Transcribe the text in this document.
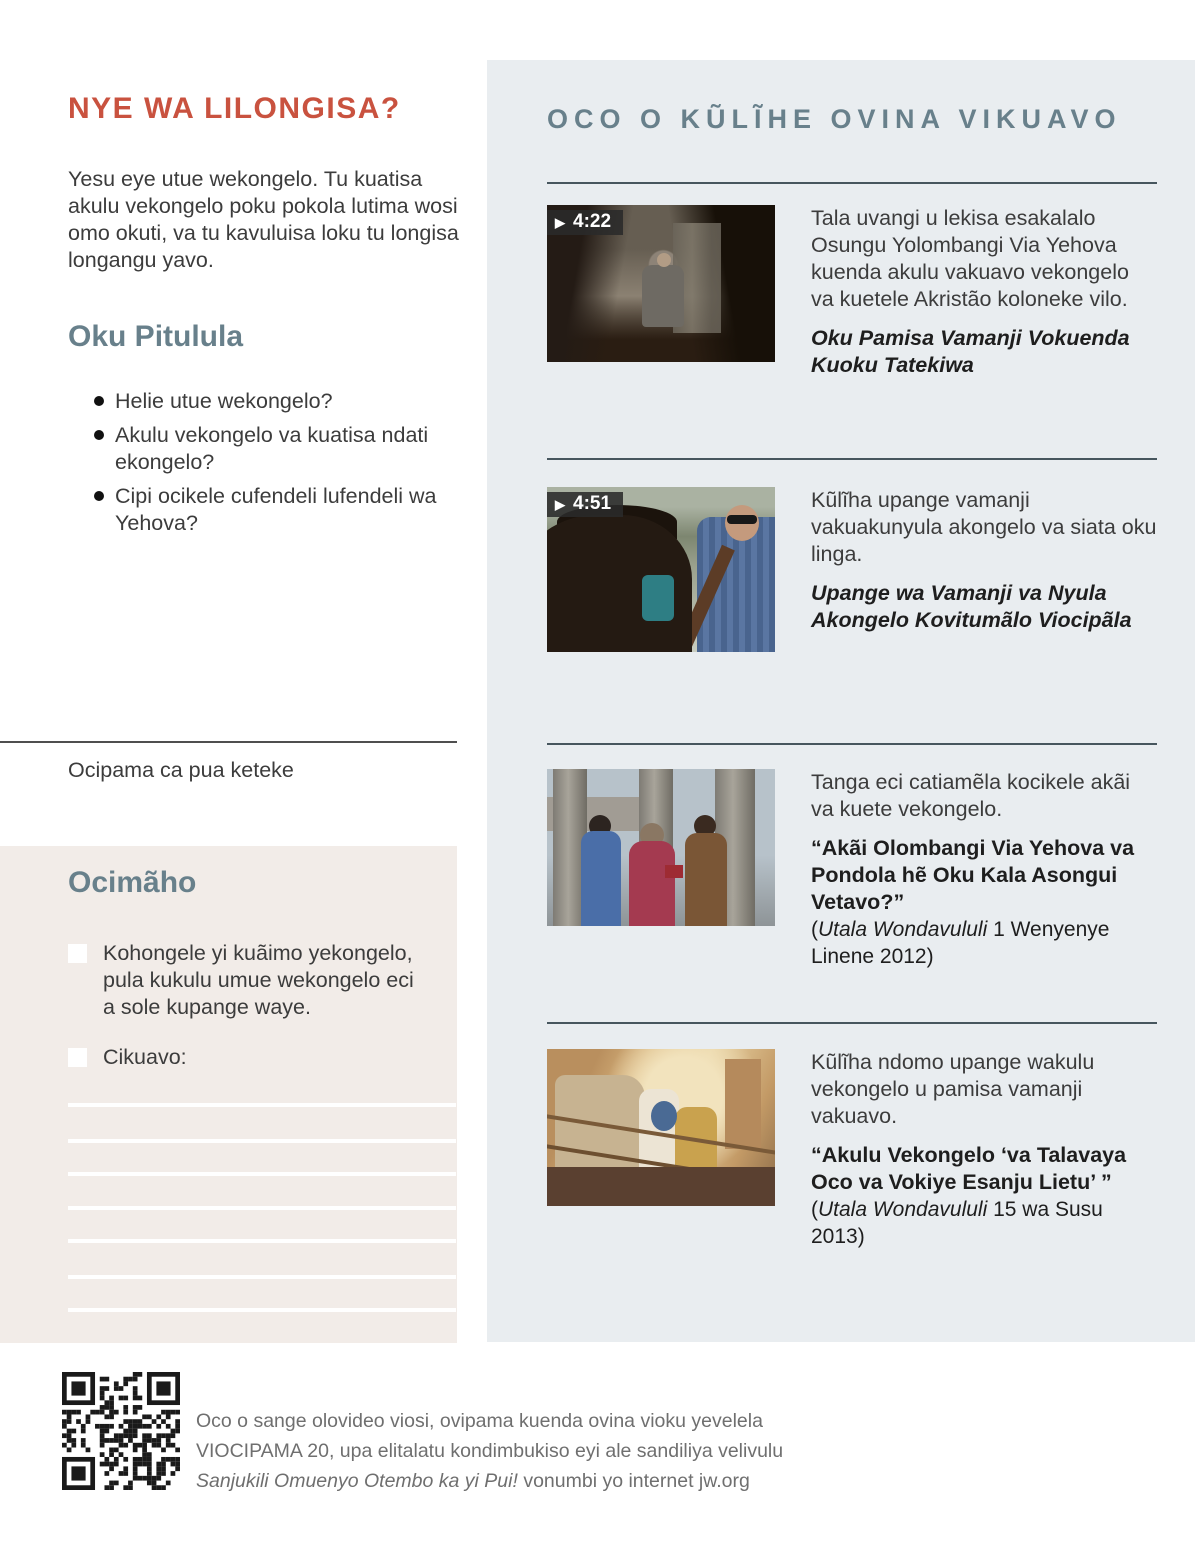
NYE WA LILONGISA?
Yesu eye utue wekongelo. Tu kuatisa akulu vekongelo poku pokola lutima wosi omo okuti, va tu kavuluisa loku tu longisa longangu yavo.
Oku Pitulula
Helie utue wekongelo?
Akulu vekongelo va kuatisa ndati ekongelo?
Cipi ocikele cufendeli lufendeli wa Yehova?
Ocipama ca pua keteke
Ocimãho
Kohongele yi kuãimo yekongelo, pula kukulu umue wekongelo eci a sole kupange waye.
Cikuavo:
OCO O KŨLĨHE OVINA VIKUAVO
▶ 4:22	Tala uvangi u lekisa esakalalo Osungu Yolombangi Via Yehova kuenda akulu vakuavo vekongelo va kuetele Akristão koloneke vilo.

Oku Pamisa Vamanji Vokuenda Kuoku Tatekiwa

▶ 4:51	Kũlĩha upange vamanji vakuakunyula akongelo va siata oku linga.

Upange wa Vamanji va Nyula Akongelo Kovitumãlo Viocipãla

Tanga eci catiamẽla kocikele akãi va kuete vekongelo.

“Akãi Olombangi Via Yehova va Pondola hẽ Oku Kala Asongui Vetavo?”

(Utala Wondavululi 1 Wenyenye Linene 2012)

Kũlĩha ndomo upange wakulu vekongelo u pamisa vamanji vakuavo.

“Akulu Vekongelo ‘va Talavaya Oco va Vokiye Esanju Lietu’ ”

(Utala Wondavululi 15 wa Susu 2013)

Oco o sange olovideo viosi, ovipama kuenda ovina vioku yevelela
VIOCIPAMA 20, upa elitalatu kondimbukiso eyi ale sandiliya velivulu
Sanjukili Omuenyo Otembo ka yi Pui! vonumbi yo internet jw.org
